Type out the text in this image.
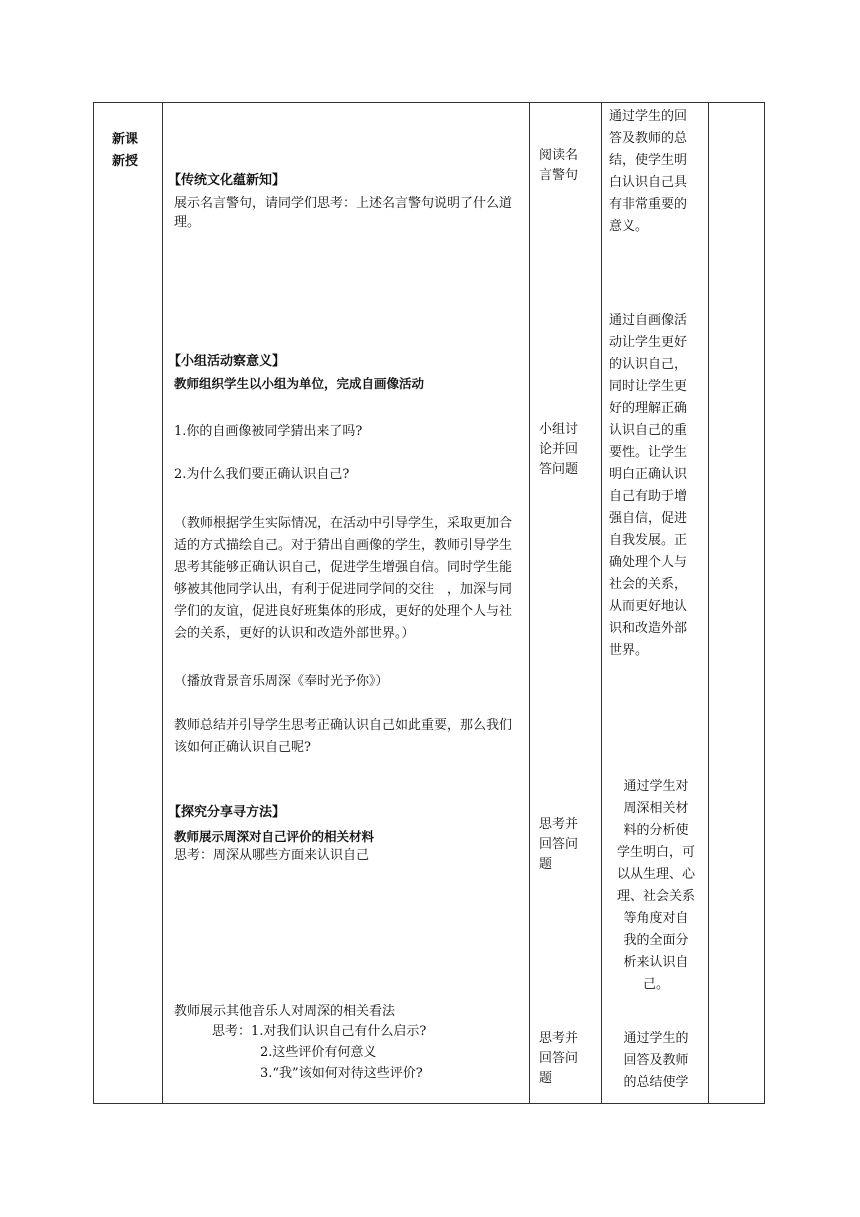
新课
新授
【传统文化蕴新知】
展示名言警句，请同学们思考：上述名言警句说明了什么道理。
【小组活动察意义】
教师组织学生以小组为单位，完成自画像活动
1.你的自画像被同学猜出来了吗?
2.为什么我们要正确认识自己?
（教师根据学生实际情况，在活动中引导学生，采取更加合适的方式描绘自己。对于猜出自画像的学生，教师引导学生思考其能够正确认识自己，促进学生增强自信。同时学生能够被其他同学认出，有利于促进同学间的交往　，加深与同学们的友谊，促进良好班集体的形成，更好的处理个人与社会的关系，更好的认识和改造外部世界。）
（播放背景音乐周深《奉时光予你》）
教师总结并引导学生思考正确认识自己如此重要，那么我们该如何正确认识自己呢?
【探究分享寻方法】
教师展示周深对自己评价的相关材料
思考：周深从哪些方面来认识自己
教师展示其他音乐人对周深的相关看法
思考：1.对我们认识自己有什么启示?
2.这些评价有何意义
3.“我”该如何对待这些评价?
阅读名
言警句
小组讨
论并回
答问题
思考并
回答问
题
思考并
回答问
题
通过学生的回
答及教师的总
结，使学生明
白认识自己具
有非常重要的
意义。
通过自画像活
动让学生更好
的认识自己，
同时让学生更
好的理解正确
认识自己的重
要性。让学生
明白正确认识
自己有助于增
强自信，促进
自我发展。正
确处理个人与
社会的关系，
从而更好地认
识和改造外部
世界。
通过学生对
周深相关材
料的分析使
学生明白，可
以从生理、心
理、社会关系
等角度对自
我的全面分
析来认识自
己。
通过学生的
回答及教师
的总结使学
